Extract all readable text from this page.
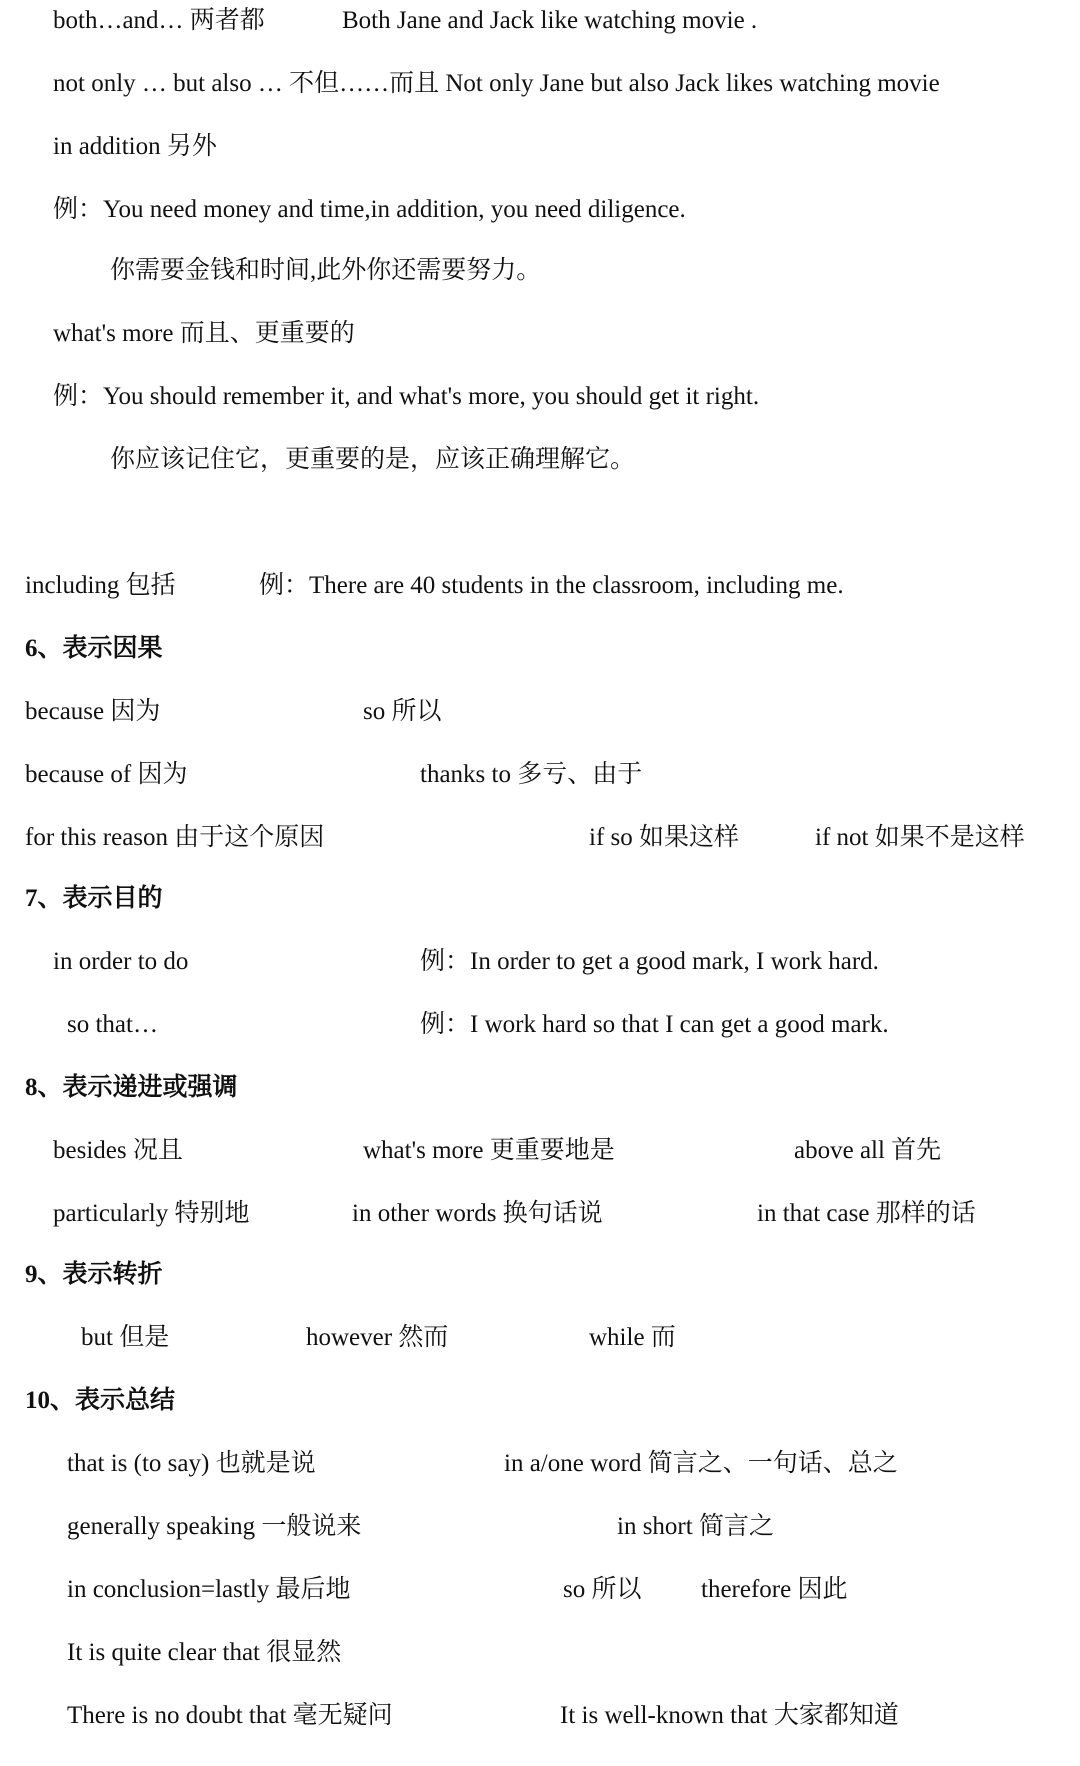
both…and… 两者都	Both Jane and Jack like watching movie .
not only … but also … 不但……而且 Not only Jane but also Jack likes watching movie
in addition 另外
例：You need money and time,in addition, you need diligence.
你需要金钱和时间,此外你还需要努力。
what's more 而且、更重要的
例：You should remember it, and what's more, you should get it right.
你应该记住它，更重要的是，应该正确理解它。
including 包括	例：There are 40 students in the classroom, including me.
6、表示因果
because 因为	so 所以
because of 因为	thanks to 多亏、由于
for this reason 由于这个原因	if so 如果这样	if not 如果不是这样
7、表示目的
in order to do	例：In order to get a good mark, I work hard.
so that…	例：I work hard so that I can get a good mark.
8、表示递进或强调
besides 况且	what's more 更重要地是	above all 首先
particularly 特别地	in other words 换句话说	in that case 那样的话
9、表示转折
but 但是	however 然而	while 而
10、表示总结
that is (to say) 也就是说	in a/one word 简言之、一句话、总之
generally speaking 一般说来	in short 简言之
in conclusion=lastly 最后地	so 所以 therefore 因此
It is quite clear that 很显然
There is no doubt that 毫无疑问	It is well-known that 大家都知道
